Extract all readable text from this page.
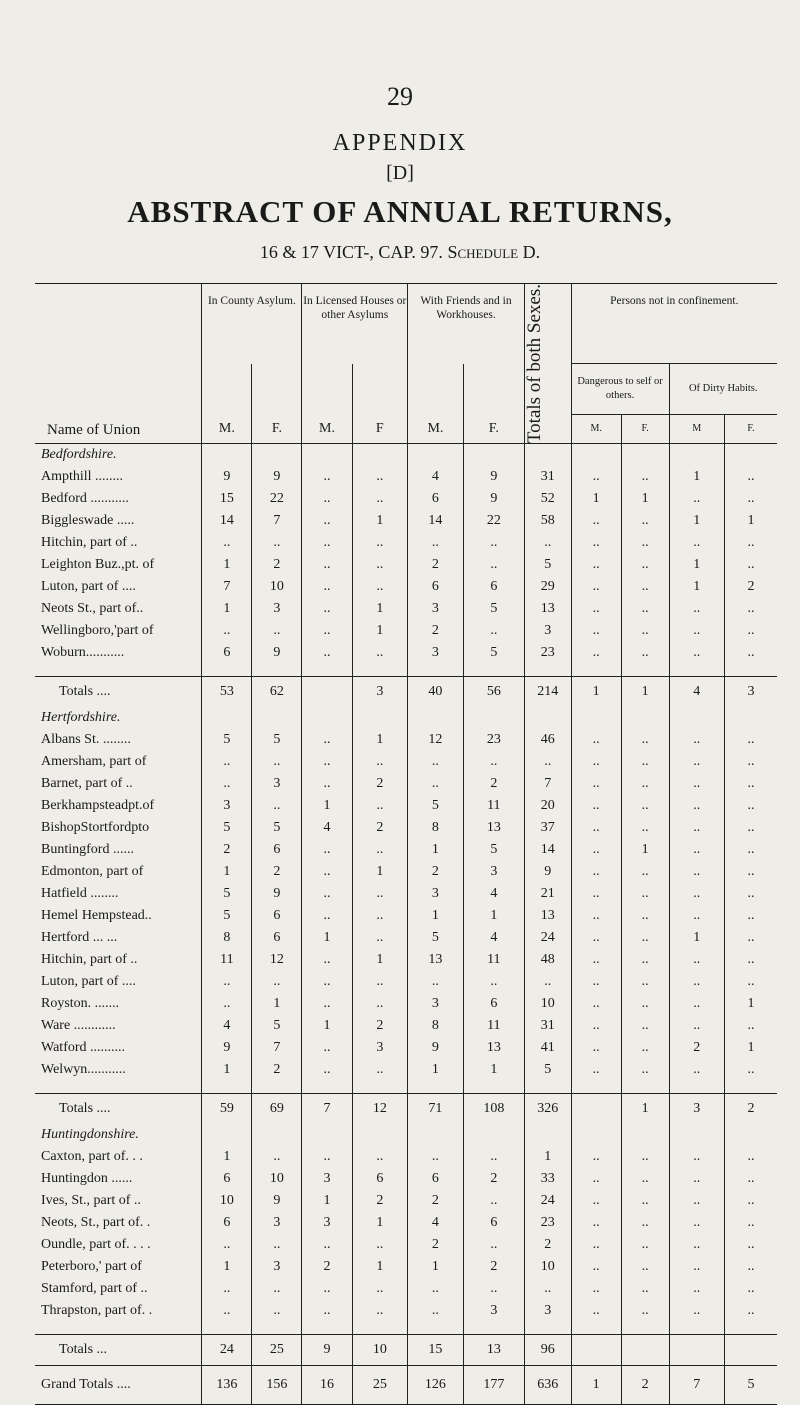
29
APPENDIX
[D]
ABSTRACT OF ANNUAL RETURNS,
16 & 17 VICT-, CAP. 97. Schedule D.
Name of Union	In County Asylum.		In Licensed Houses or other Asylums		With Friends and in Workhouses.		Totals of both Sexes.	Persons not in confinement.			
								Dangerous to self or others.		Of Dirty Habits.	
	M.	F.	M.	F	M.	F.		M.	F.	M	F.
Bedfordshire.											
Ampthill ........	9	9	..	..	4	9	31	..	..	1	..
Bedford ...........	15	22	..	..	6	9	52	1	1	..	..
Biggleswade .....	14	7	..	1	14	22	58	..	..	1	1
Hitchin, part of ..	..	..	..	..	..	..	..	..	..	..	..
Leighton Buz.,pt. of	1	2	..	..	2	..	5	..	..	1	..
Luton, part of ....	7	10	..	..	6	6	29	..	..	1	2
Neots St., part of..	1	3	..	1	3	5	13	..	..	..	..
Wellingboro,'part of	..	..	..	1	2	..	3	..	..	..	..
Woburn...........	6	9	..	..	3	5	23	..	..	..	..

Totals ....	53	62		3	40	56	214	1	1	4	3
Hertfordshire.											
Albans St. ........	5	5	..	1	12	23	46	..	..	..	..
Amersham, part of	..	..	..	..	..	..	..	..	..	..	..
Barnet, part of ..	..	3	..	2	..	2	7	..	..	..	..
Berkhampsteadpt.of	3	..	1	..	5	11	20	..	..	..	..
BishopStortfordpto	5	5	4	2	8	13	37	..	..	..	..
Buntingford ......	2	6	..	..	1	5	14	..	1	..	..
Edmonton, part of	1	2	..	1	2	3	9	..	..	..	..
Hatfield ........	5	9	..	..	3	4	21	..	..	..	..
Hemel Hempstead..	5	6	..	..	1	1	13	..	..	..	..
Hertford ... ...	8	6	1	..	5	4	24	..	..	1	..
Hitchin, part of ..	11	12	..	1	13	11	48	..	..	..	..
Luton, part of ....	..	..	..	..	..	..	..	..	..	..	..
Royston. .......	..	1	..	..	3	6	10	..	..	..	1
Ware ............	4	5	1	2	8	11	31	..	..	..	..
Watford ..........	9	7	..	3	9	13	41	..	..	2	1
Welwyn...........	1	2	..	..	1	1	5	..	..	..	..

Totals ....	59	69	7	12	71	108	326		1	3	2
Huntingdonshire.											
Caxton, part of. . .	1	..	..	..	..	..	1	..	..	..	..
Huntingdon ......	6	10	3	6	6	2	33	..	..	..	..
Ives, St., part of ..	10	9	1	2	2	..	24	..	..	..	..
Neots, St., part of. .	6	3	3	1	4	6	23	..	..	..	..
Oundle, part of. . . .	..	..	..	..	2	..	2	..	..	..	..
Peterboro,' part of	1	3	2	1	1	2	10	..	..	..	..
Stamford, part of ..	..	..	..	..	..	..	..	..	..	..	..
Thrapston, part of. .	..	..	..	..	..	3	3	..	..	..	..

Totals ...	24	25	9	10	15	13	96				
Grand Totals ....	136	156	16	25	126	177	636	1	2	7	5
